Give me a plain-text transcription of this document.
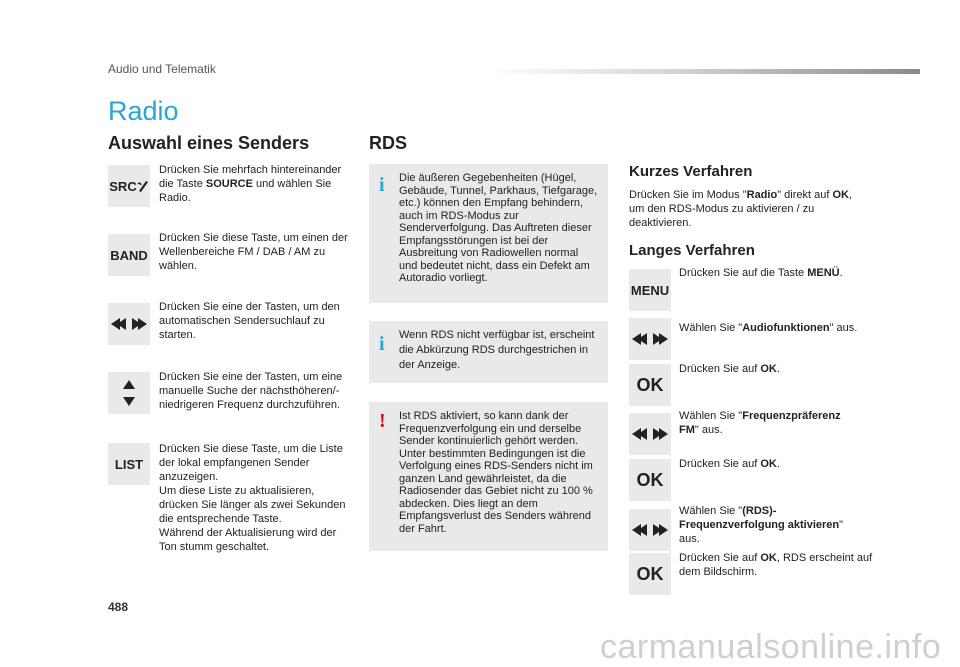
Audio und Telematik
Radio
Auswahl eines Senders
SRC
Drücken Sie mehrfach hintereinander die Taste SOURCE und wählen Sie Radio.
BAND
Drücken Sie diese Taste, um einen der Wellenbereiche FM / DAB / AM zu wählen.
Drücken Sie eine der Tasten, um den automatischen Sendersuchlauf zu starten.
Drücken Sie eine der Tasten, um eine manuelle Suche der nächsthöheren/-niedrigeren Frequenz durchzuführen.
LIST
Drücken Sie diese Taste, um die Liste der lokal empfangenen Sender anzuzeigen.
Um diese Liste zu aktualisieren, drücken Sie länger als zwei Sekunden die entsprechende Taste.
Während der Aktualisierung wird der Ton stumm geschaltet.
RDS
i Die äußeren Gegebenheiten (Hügel, Gebäude, Tunnel, Parkhaus, Tiefgarage, etc.) können den Empfang behindern, auch im RDS-Modus zur Senderverfolgung. Das Auftreten dieser Empfangsstörungen ist bei der Ausbreitung von Radiowellen normal und bedeutet nicht, dass ein Defekt am Autoradio vorliegt.
i Wenn RDS nicht verfügbar ist, erscheint die Abkürzung RDS durchgestrichen in der Anzeige.
! Ist RDS aktiviert, so kann dank der Frequenzverfolgung ein und derselbe Sender kontinuierlich gehört werden. Unter bestimmten Bedingungen ist die Verfolgung eines RDS-Senders nicht im ganzen Land gewährleistet, da die Radiosender das Gebiet nicht zu 100 % abdecken. Dies liegt an dem Empfangsverlust des Senders während der Fahrt.
Kurzes Verfahren
Drücken Sie im Modus "Radio" direkt auf OK, um den RDS-Modus zu aktivieren / zu deaktivieren.
Langes Verfahren
MENU
Drücken Sie auf die Taste MENÜ.
Wählen Sie "Audiofunktionen" aus.
OK
Drücken Sie auf OK.
Wählen Sie "Frequenzpräferenz FM" aus.
OK
Drücken Sie auf OK.
Wählen Sie "(RDS)-Frequenzverfolgung aktivieren" aus.
OK
Drücken Sie auf OK, RDS erscheint auf dem Bildschirm.
488
carmanualsonline.info
